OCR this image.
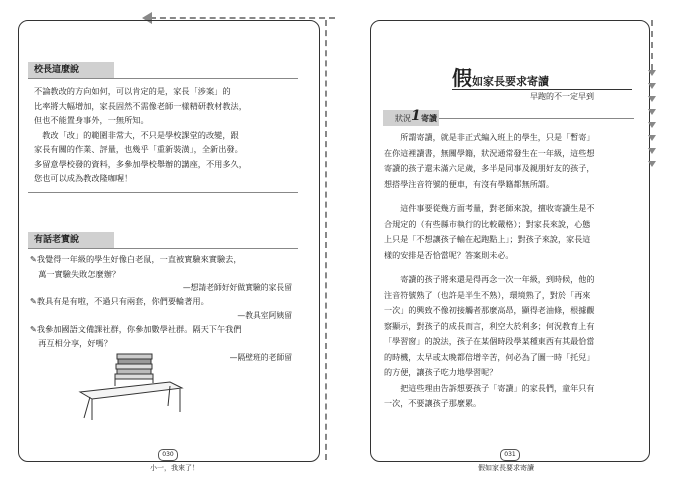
校長這麼說
不論教改的方向如何，可以肯定的是，家長「涉案」的
比率將大幅增加，家長固然不需像老師一樣精研教材教法，
但也不能置身事外，一無所知。
　教改「改」的範圍非常大，不只是學校課堂的改變，跟
家長有關的作業、評量，也幾乎「重新裝潢」，全新出發。
多留意學校發的資料，多參加學校舉辦的講座，不用多久，
您也可以成為教改隆咖喔！
有話老實說
✎我覺得一年級的學生好像白老鼠，一直被實驗來實驗去，
　萬一實驗失敗怎麼辦？
—想請老師好好做實驗的家長留
✎教具有是有啦，不過只有兩套，你們要輪著用。
—教具室阿姨留
✎我參加國語文備課社群，你參加數學社群。隔天下午我們
　再互相分享，好嗎？
—隔壁班的老師留
030
小一，我來了！
假如家長要求寄讀
早跑的不一定早到
狀況 1 寄讀
　　所謂寄讀，就是非正式編入班上的學生，只是「暫寄」
在你這裡讀書，無關學籍，狀況通常發生在一年級，這些想
寄讀的孩子還未滿六足歲，多半是同事及親朋好友的孩子，
想搭學注音符號的便車，有沒有學籍都無所謂。
　　這件事要從幾方面考量，對老師來說，擅收寄讀生是不
合規定的（有些縣市執行的比較嚴格）；對家長來說，心態
上只是「不想讓孩子輸在起跑點上」；對孩子來說，家長這
樣的安排是否恰當呢？答案則未必。
　　寄讀的孩子將來還是得再念一次一年級，到時候，他的
注音符號熟了（也許是半生不熟），環境熟了，對於「再來
一次」的興致不像初接觸者那麼高昂，顯得老油條，根據觀
察顯示，對孩子的成長而言，利空大於利多；何況教育上有
「學習窗」的說法，孩子在某個時段學某種東西有其最恰當
的時機，太早或太晚都倍增辛苦，何必為了圖一時「托兒」
的方便，讓孩子吃力地學習呢？
　　把這些理由告訴想要孩子「寄讀」的家長們，童年只有
一次，不要讓孩子那麼累。
031
假如家長要求寄讀
